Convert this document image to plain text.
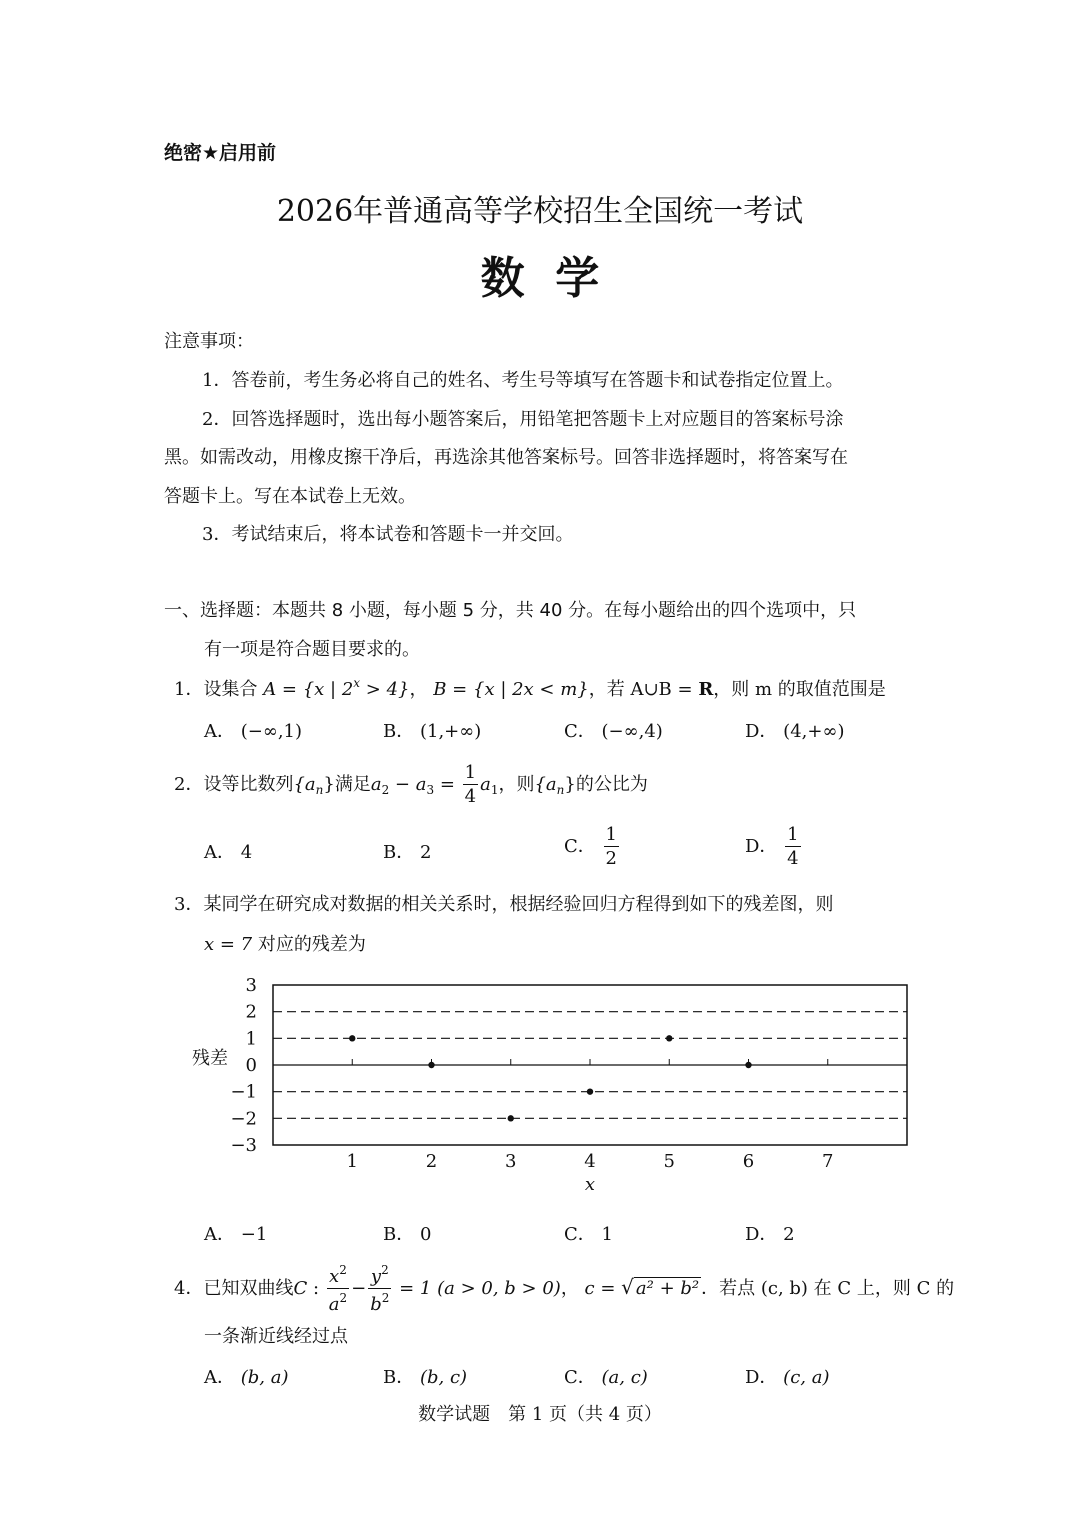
绝密★启用前
2026年普通高等学校招生全国统一考试
数  学
注意事项：
1．答卷前，考生务必将自己的姓名、考生号等填写在答题卡和试卷指定位置上。
2．回答选择题时，选出每小题答案后，用铅笔把答题卡上对应题目的答案标号涂
黑。如需改动，用橡皮擦干净后，再选涂其他答案标号。回答非选择题时，将答案写在
答题卡上。写在本试卷上无效。
3．考试结束后，将本试卷和答题卡一并交回。
一、选择题：本题共 8 小题，每小题 5 分，共 40 分。在每小题给出的四个选项中，只
有一项是符合题目要求的。
1．设集合 A = {x | $2^x > 4$}， B = {x | 2x < m}，若 A∪B = R，则 m 的取值范围是
A． (−∞,1)	B． (1,+∞)	C． (−∞,4)	D． (4,+∞)
2．设等比数列$\{a_n\}$满足$a_2 - a_3 = \frac{1}{4} a_1$，则$\{a_n\}$的公比为
A． 4	B． 2	C． $\frac{1}{2}$	D． $\frac{1}{4}$
3．某同学在研究成对数据的相关关系时，根据经验回归方程得到如下的残差图，则
x = 7 对应的残差为
1	2	3	4	5	6	7
3
2
1
0
−1
−2
−3
x
残差
A． −1	B． 0	C． 1	D． 2
4．已知双曲线C : $\frac{x^2}{a^2} - \frac{y^2}{b^2} = 1$ (a > 0, b > 0)， c = √ a² + b² ．若点 (c, b) 在 C 上，则 C 的
一条渐近线经过点
A． (b, a)	B． (b, c)	C． (a, c)	D． (c, a)
数学试题　第 1 页（共 4 页）
